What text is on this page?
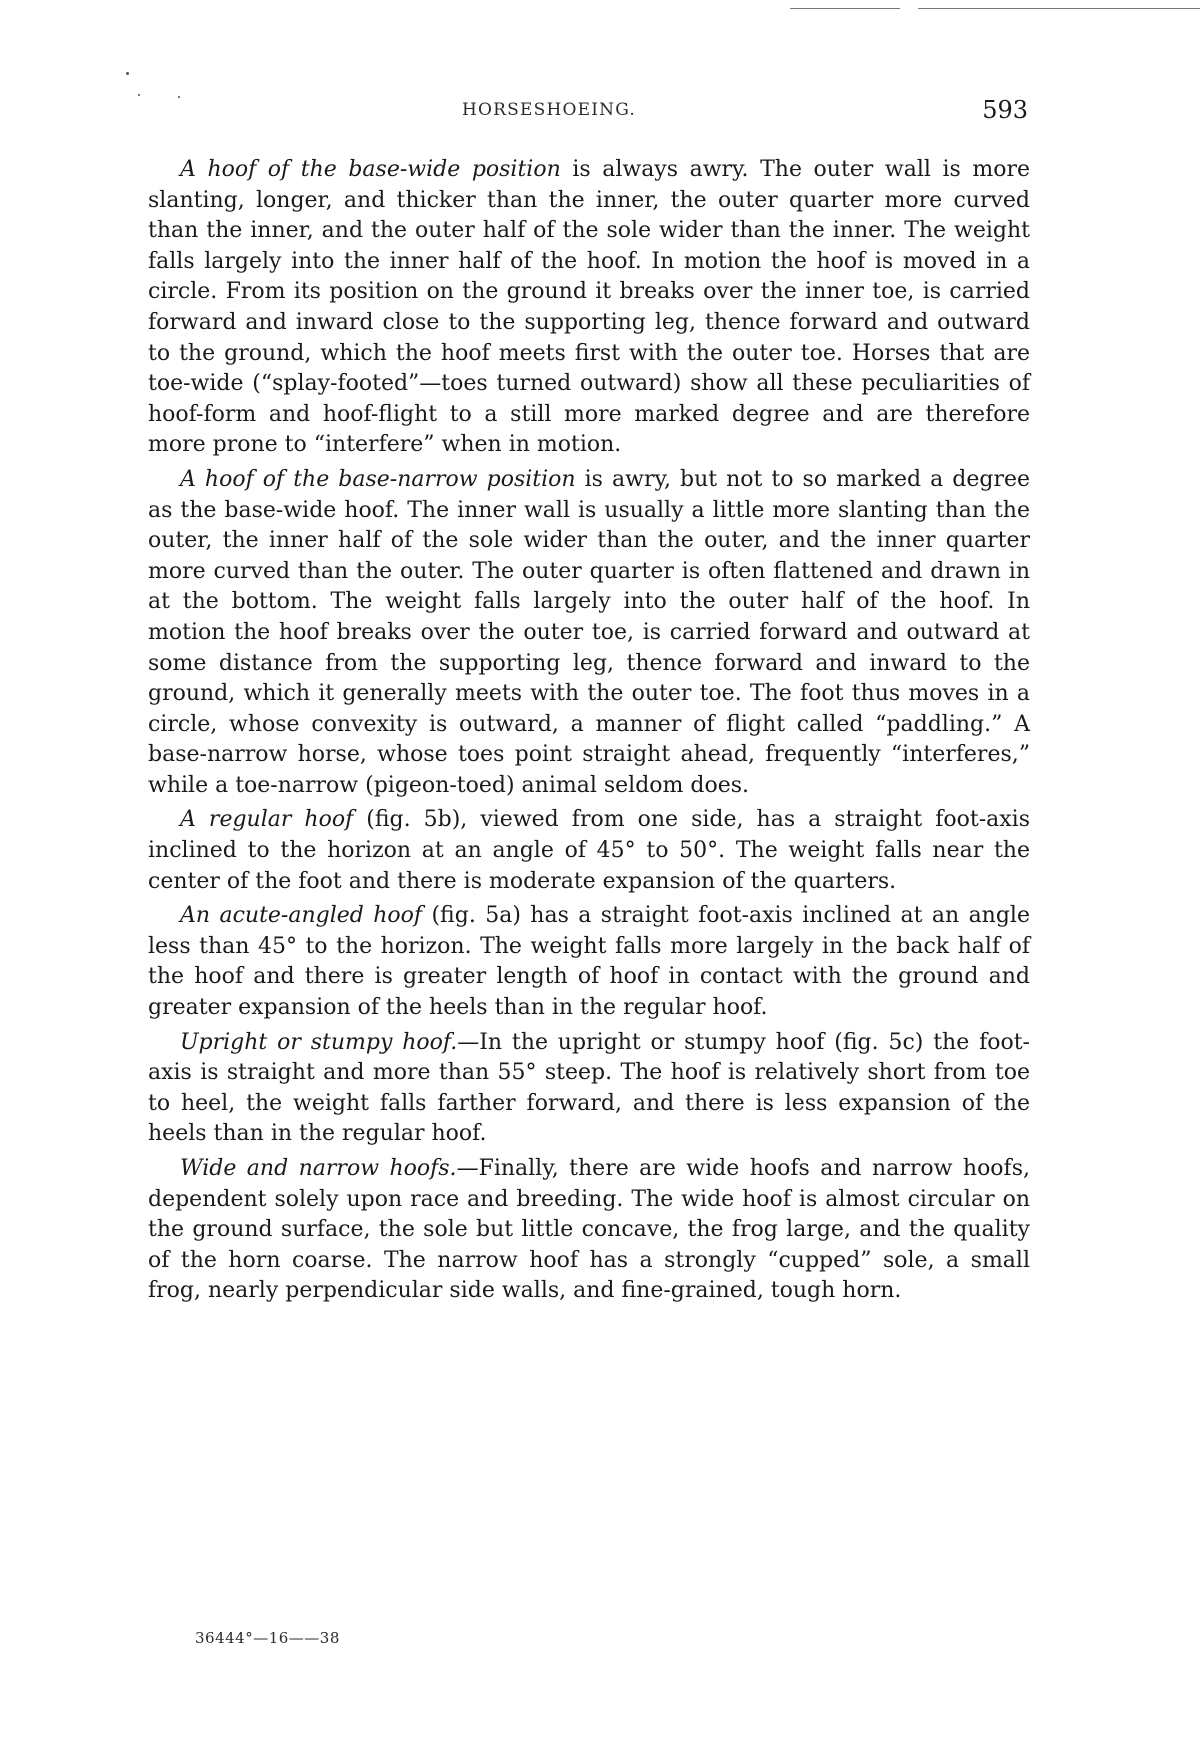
HORSESHOEING.	593

A hoof of the base-wide position is always awry. The outer wall is more slanting, longer, and thicker than the inner, the outer quarter more curved than the inner, and the outer half of the sole wider than the inner. The weight falls largely into the inner half of the hoof. In motion the hoof is moved in a circle. From its position on the ground it breaks over the inner toe, is carried forward and inward close to the supporting leg, thence forward and outward to the ground, which the hoof meets first with the outer toe. Horses that are toe-wide (“splay-footed”—toes turned outward) show all these peculiarities of hoof-form and hoof-flight to a still more marked degree and are therefore more prone to “interfere” when in motion.

A hoof of the base-narrow position is awry, but not to so marked a degree as the base-wide hoof. The inner wall is usually a little more slanting than the outer, the inner half of the sole wider than the outer, and the inner quarter more curved than the outer. The outer quarter is often flattened and drawn in at the bottom. The weight falls largely into the outer half of the hoof. In motion the hoof breaks over the outer toe, is carried forward and outward at some distance from the supporting leg, thence forward and inward to the ground, which it generally meets with the outer toe. The foot thus moves in a circle, whose convexity is outward, a manner of flight called “paddling.” A base-narrow horse, whose toes point straight ahead, frequently “interferes,” while a toe-narrow (pigeon-toed) animal seldom does.

A regular hoof (fig. 5b), viewed from one side, has a straight foot-axis inclined to the horizon at an angle of 45° to 50°. The weight falls near the center of the foot and there is moderate expansion of the quarters.

An acute-angled hoof (fig. 5a) has a straight foot-axis inclined at an angle less than 45° to the horizon. The weight falls more largely in the back half of the hoof and there is greater length of hoof in contact with the ground and greater expansion of the heels than in the regular hoof.

Upright or stumpy hoof.—In the upright or stumpy hoof (fig. 5c) the foot-axis is straight and more than 55° steep. The hoof is relatively short from toe to heel, the weight falls farther forward, and there is less expansion of the heels than in the regular hoof.

Wide and narrow hoofs.—Finally, there are wide hoofs and narrow hoofs, dependent solely upon race and breeding. The wide hoof is almost circular on the ground surface, the sole but little concave, the frog large, and the quality of the horn coarse. The narrow hoof has a strongly “cupped” sole, a small frog, nearly perpendicular side walls, and fine-grained, tough horn.

36444°—16——38
